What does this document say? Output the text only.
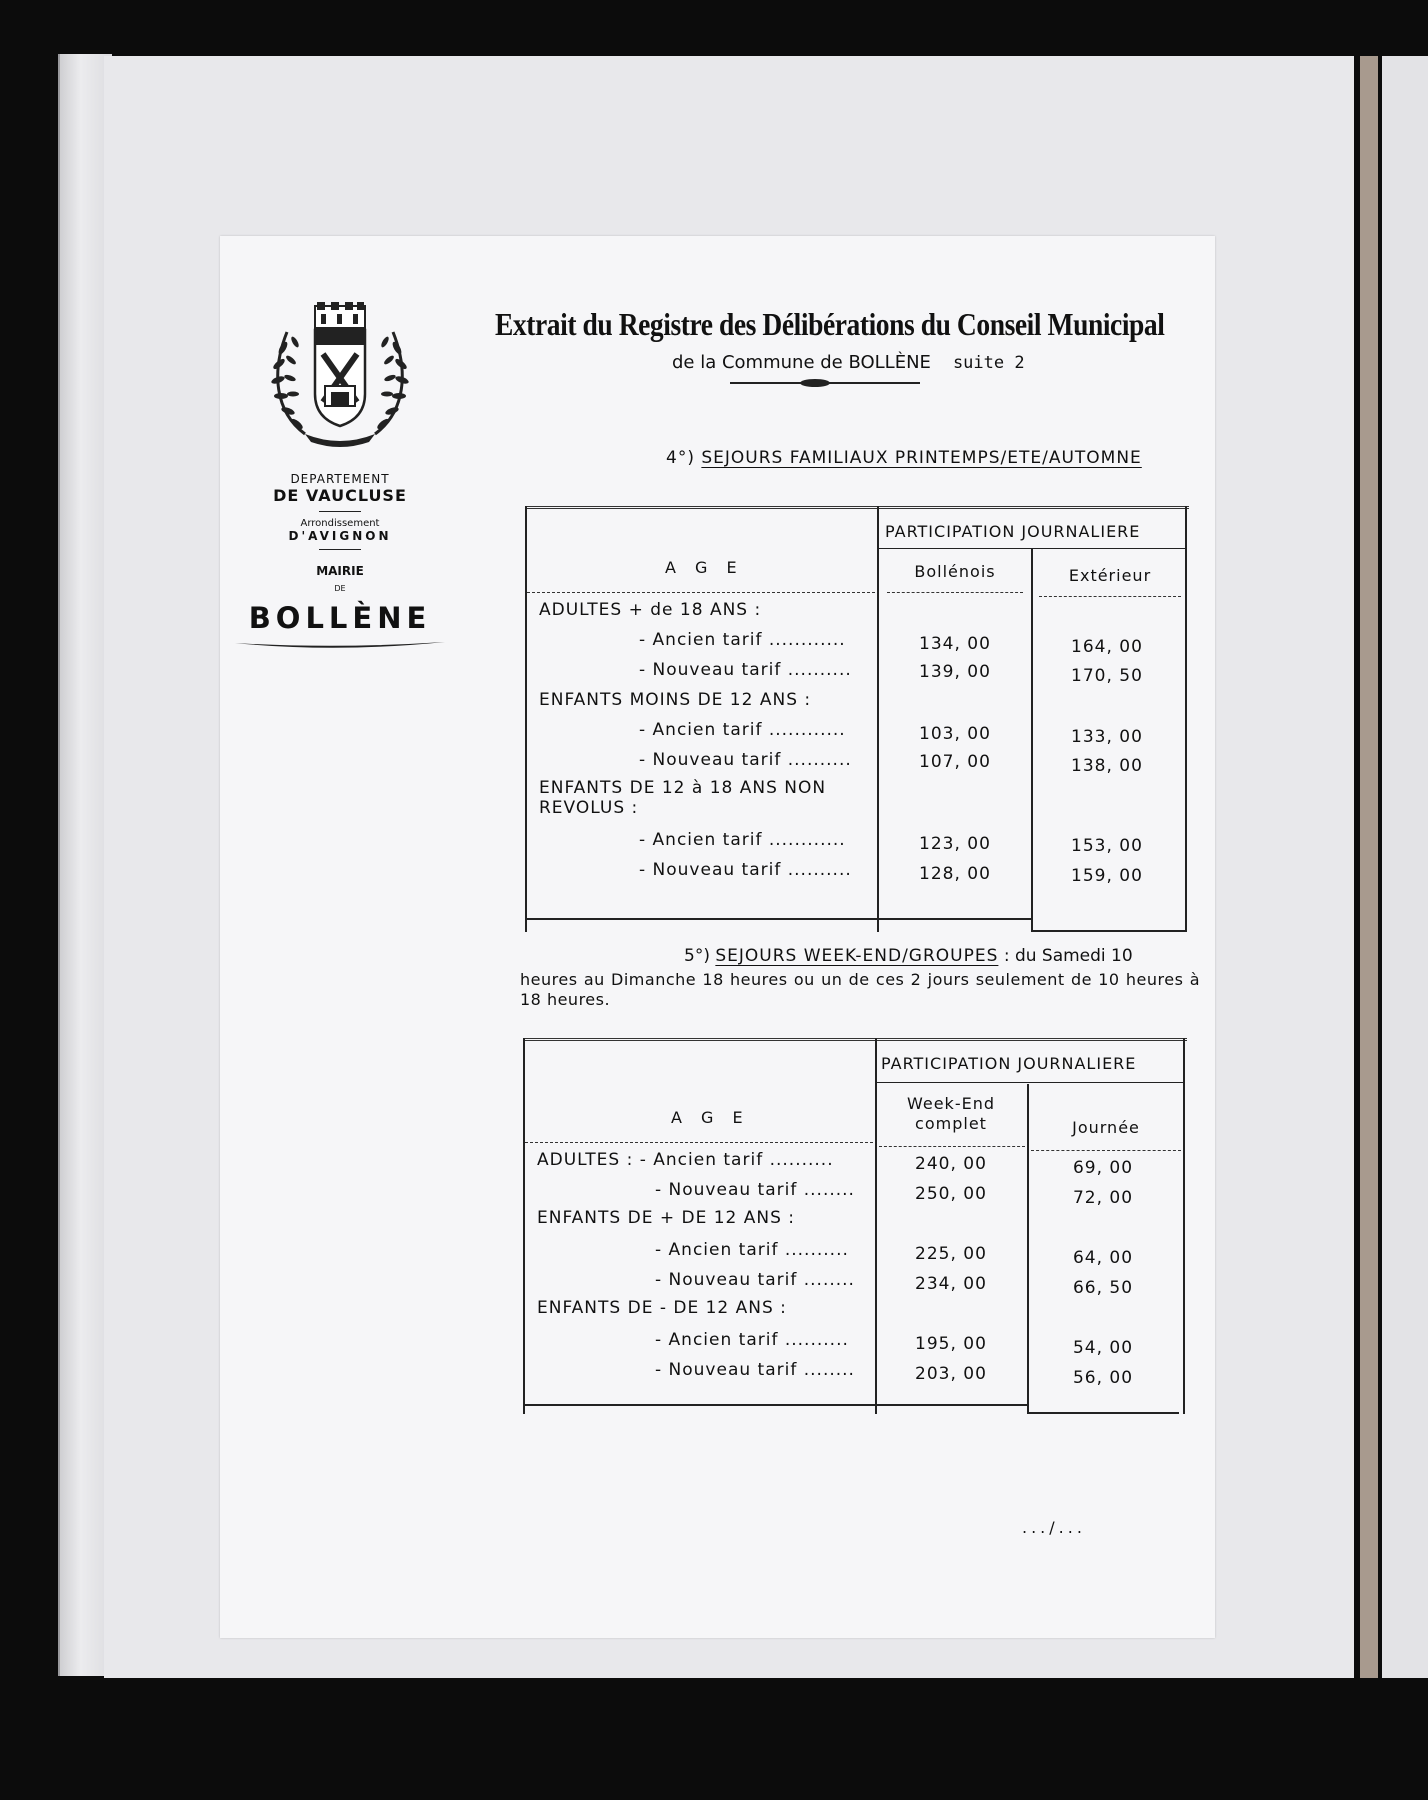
DEPARTEMENT
DE VAUCLUSE
Arrondissement
D'AVIGNON
MAIRIE
DE
BOLLÈNE
Extrait du Registre des Délibérations du Conseil Municipal
de la Commune de BOLLÈNE suite 2
4°) SEJOURS FAMILIAUX PRINTEMPS/ETE/AUTOMNE
PARTICIPATION JOURNALIERE
A G E	Bollénois	Extérieur
ADULTES + de 18 ANS :
- Ancien tarif ............	134, 00	164, 00
- Nouveau tarif ..........	139, 00	170, 50
ENFANTS MOINS DE 12 ANS :
- Ancien tarif ............	103, 00	133, 00
- Nouveau tarif ..........	107, 00	138, 00
ENFANTS DE 12 à 18 ANS NON
REVOLUS :
- Ancien tarif ............	123, 00	153, 00
- Nouveau tarif ..........	128, 00	159, 00
5°) SEJOURS WEEK-END/GROUPES : du Samedi 10
heures au Dimanche 18 heures ou un de ces 2 jours seulement de 10 heures à 18 heures.
PARTICIPATION JOURNALIERE
A G E
Week-End complet	Journée
ADULTES : - Ancien tarif ..........	240, 00	69, 00
- Nouveau tarif ........	250, 00	72, 00
ENFANTS DE + DE 12 ANS :
- Ancien tarif ..........	225, 00	64, 00
- Nouveau tarif ........	234, 00	66, 50
ENFANTS DE - DE 12 ANS :
- Ancien tarif ..........	195, 00	54, 00
- Nouveau tarif ........	203, 00	56, 00
.../...
